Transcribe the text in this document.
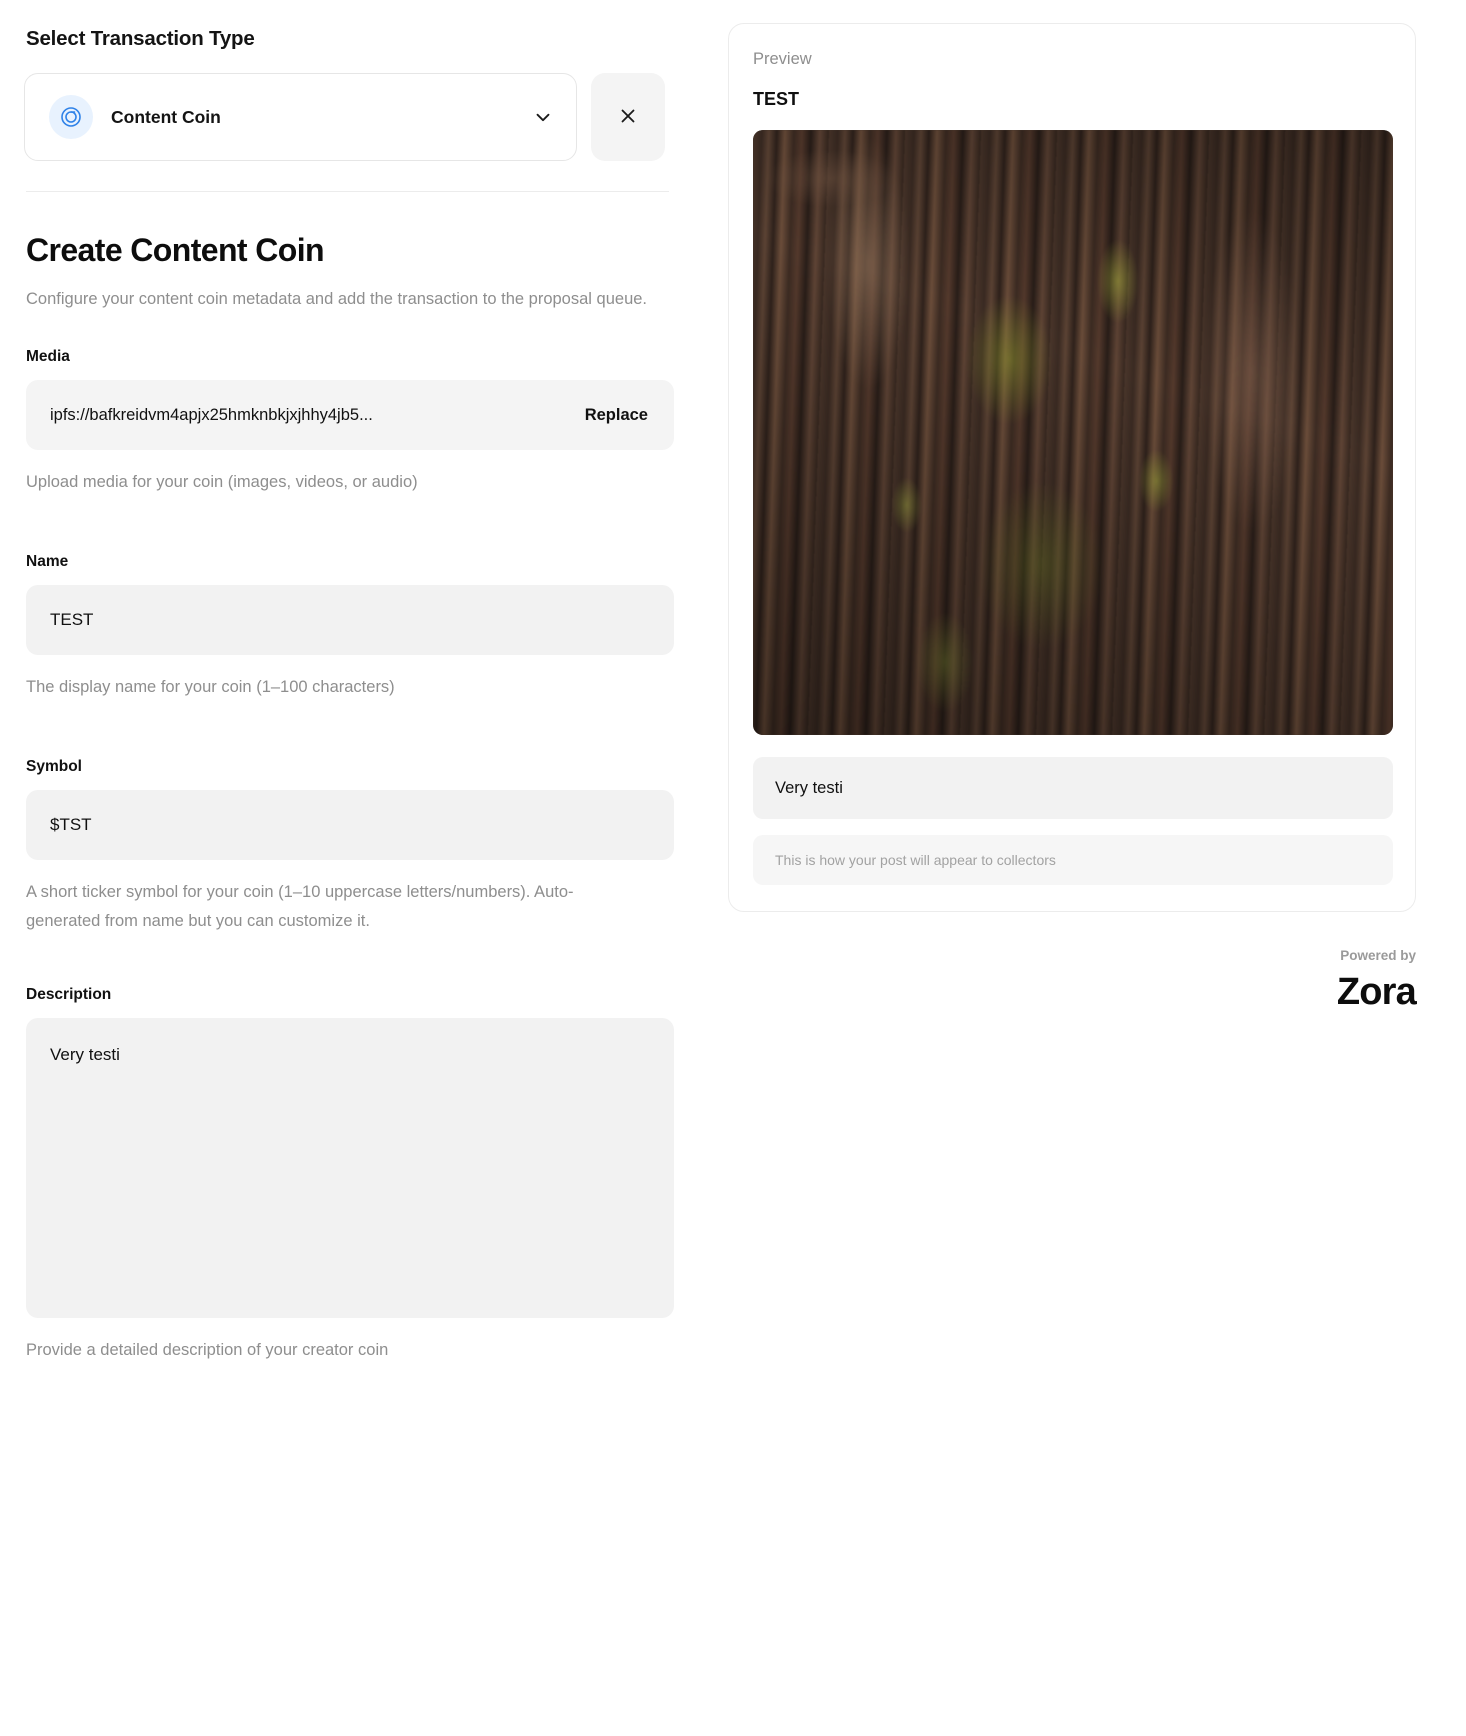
Select Transaction Type
Content Coin
Create Content Coin
Configure your content coin metadata and add the transaction to the proposal queue.
Media
ipfs://bafkreidvm4apjx25hmknbkjxjhhy4jb5...	Replace
Upload media for your coin (images, videos, or audio)
Name
TEST
The display name for your coin (1–100 characters)
Symbol
$TST
A short ticker symbol for your coin (1–10 uppercase letters/numbers). Auto-generated from name but you can customize it.
Description
Very testi
Provide a detailed description of your creator coin
Preview
TEST
Very testi
This is how your post will appear to collectors
Powered by
Zora
